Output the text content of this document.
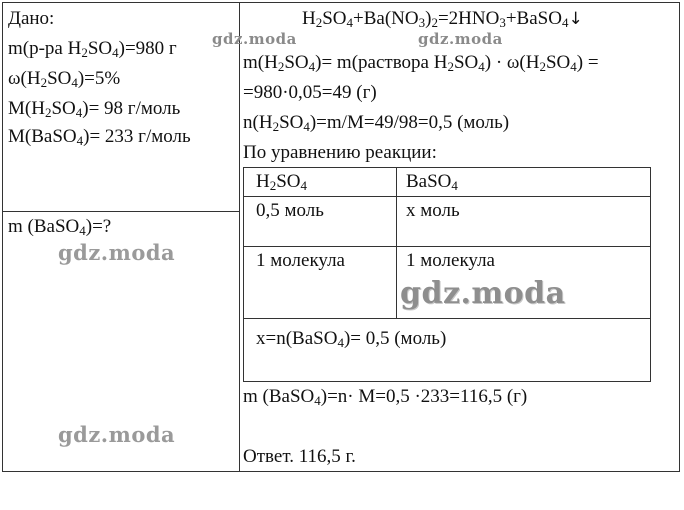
Дано:
m(р-ра $H_2SO_4)=980$ г
$\omega(H_2SO_4)=5\%$
$M(H_2SO_4)= 98$ г/моль
M(BaSO$_4$)= 233 г/моль
m (BaSO$_4$)=?
$H_2SO_4+Ba(NO_3)_2=2HNO_3+BaSO_4↓$
$m(H_2SO_4)=$ m(раствора $H_2SO_4) \cdot \omega(H_2SO_4)$ =
=980·0,05=49 (г)
$n(H_2SO_4)=m/M=49/98=0,5$ (моль)
По уравнению реакции:
$H_2SO_4$	BaSO$_4$
0,5 моль	x моль
1 молекула	1 молекула
x=n(BaSO$_4$)= 0,5 (моль)
m (BaSO$_4$)=n· M=0,5 ·233=116,5 (г)
Ответ. 116,5 г.
gdz.moda	gdz.moda
gdz.moda
gdz.moda
gdz.moda
